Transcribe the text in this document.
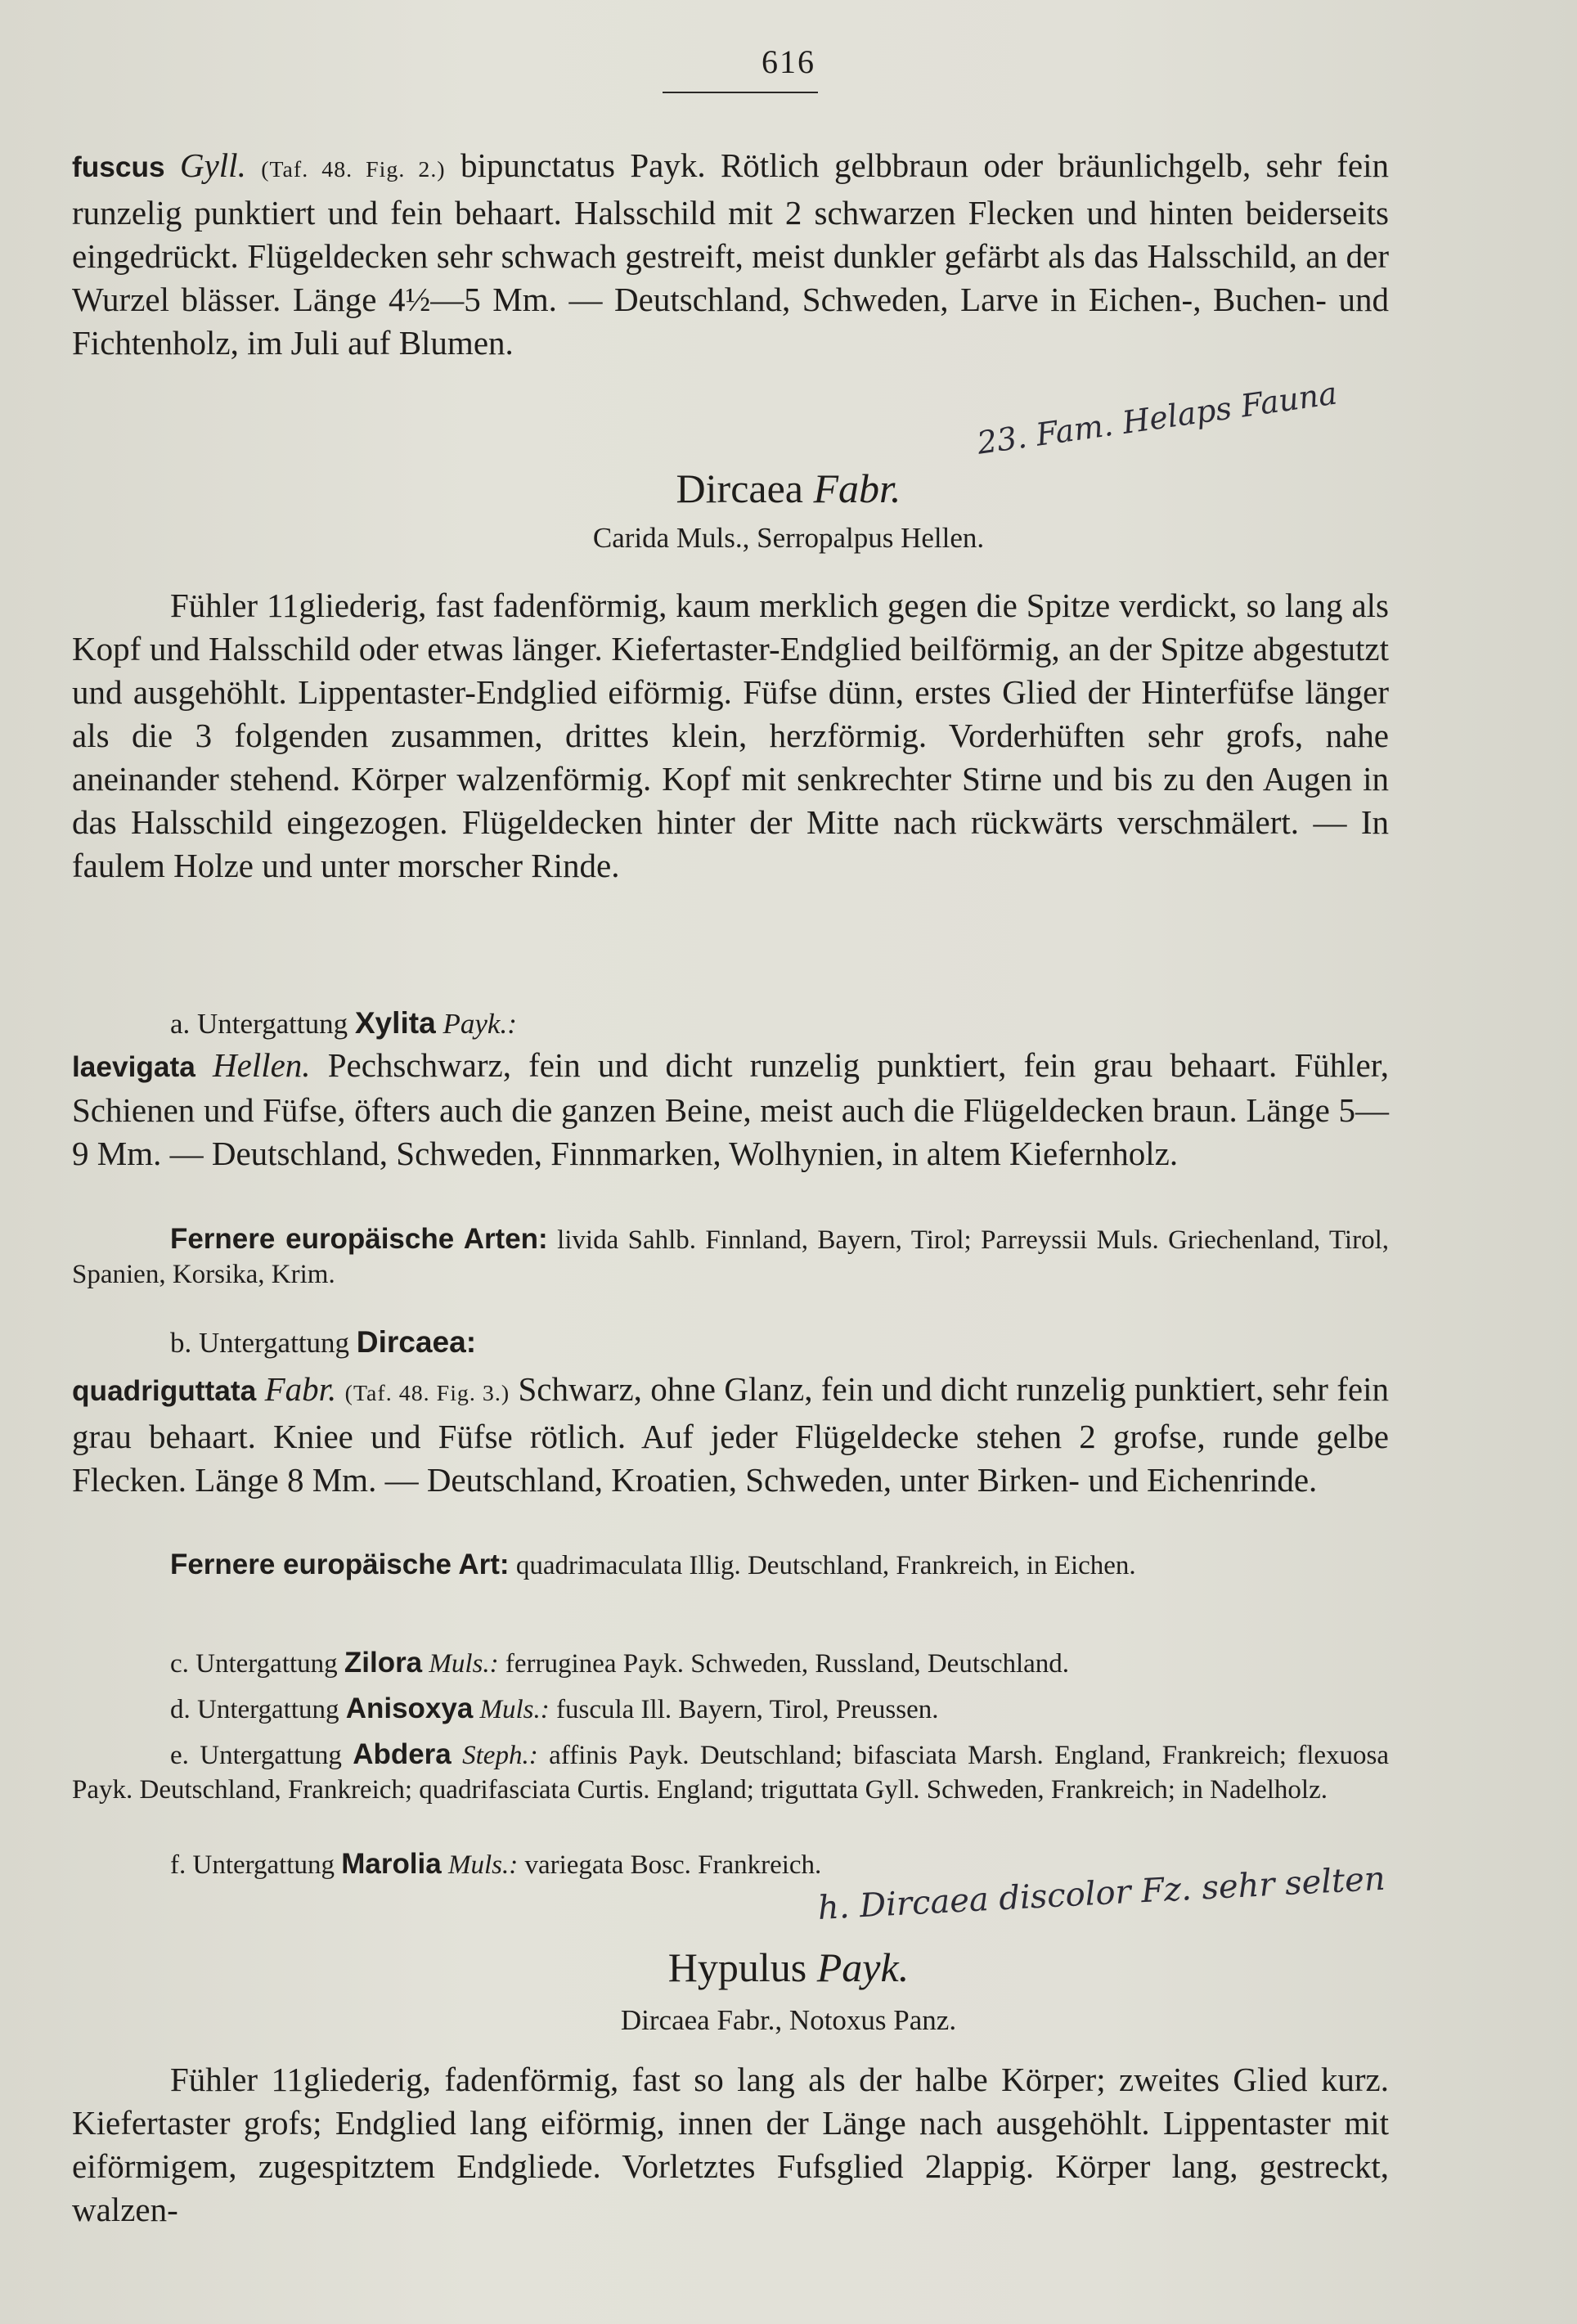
616
fuscus Gyll. (Taf. 48. Fig. 2.) bipunctatus Payk. Rötlich gelbbraun oder bräunlichgelb, sehr fein runzelig punktiert und fein behaart. Halsschild mit 2 schwarzen Flecken und hinten beiderseits eingedrückt. Flügeldecken sehr schwach gestreift, meist dunkler gefärbt als das Halsschild, an der Wurzel blässer. Länge 4½—5 Mm. — Deutschland, Schweden, Larve in Eichen-, Buchen- und Fichtenholz, im Juli auf Blumen.
23. Fam. Helaps Fauna
Dircaea Fabr.
Carida Muls., Serropalpus Hellen.
Fühler 11gliederig, fast fadenförmig, kaum merklich gegen die Spitze verdickt, so lang als Kopf und Halsschild oder etwas länger. Kiefertaster-Endglied beilförmig, an der Spitze abgestutzt und ausgehöhlt. Lippentaster-Endglied eiförmig. Füfse dünn, erstes Glied der Hinterfüfse länger als die 3 folgenden zusammen, drittes klein, herzförmig. Vorderhüften sehr grofs, nahe aneinander stehend. Körper walzenförmig. Kopf mit senkrechter Stirne und bis zu den Augen in das Halsschild eingezogen. Flügeldecken hinter der Mitte nach rückwärts verschmälert. — In faulem Holze und unter morscher Rinde.
a. Untergattung Xylita Payk.:
laevigata Hellen. Pechschwarz, fein und dicht runzelig punktiert, fein grau behaart. Fühler, Schienen und Füfse, öfters auch die ganzen Beine, meist auch die Flügeldecken braun. Länge 5—9 Mm. — Deutschland, Schweden, Finnmarken, Wolhynien, in altem Kiefernholz.
Fernere europäische Arten: livida Sahlb. Finnland, Bayern, Tirol; Parreyssii Muls. Griechenland, Tirol, Spanien, Korsika, Krim.
b. Untergattung Dircaea:
quadriguttata Fabr. (Taf. 48. Fig. 3.) Schwarz, ohne Glanz, fein und dicht runzelig punktiert, sehr fein grau behaart. Kniee und Füfse rötlich. Auf jeder Flügeldecke stehen 2 grofse, runde gelbe Flecken. Länge 8 Mm. — Deutschland, Kroatien, Schweden, unter Birken- und Eichenrinde.
Fernere europäische Art: quadrimaculata Illig. Deutschland, Frankreich, in Eichen.
c. Untergattung Zilora Muls.: ferruginea Payk. Schweden, Russland, Deutschland.
d. Untergattung Anisoxya Muls.: fuscula Ill. Bayern, Tirol, Preussen.
e. Untergattung Abdera Steph.: affinis Payk. Deutschland; bifasciata Marsh. England, Frankreich; flexuosa Payk. Deutschland, Frankreich; quadrifasciata Curtis. England; triguttata Gyll. Schweden, Frankreich; in Nadelholz.
f. Untergattung Marolia Muls.: variegata Bosc. Frankreich.
h. Dircaea discolor Fz. sehr selten
Hypulus Payk.
Dircaea Fabr., Notoxus Panz.
Fühler 11gliederig, fadenförmig, fast so lang als der halbe Körper; zweites Glied kurz. Kiefertaster grofs; Endglied lang eiförmig, innen der Länge nach ausgehöhlt. Lippentaster mit eiförmigem, zugespitztem Endgliede. Vorletztes Fufsglied 2lappig. Körper lang, gestreckt, walzen-
